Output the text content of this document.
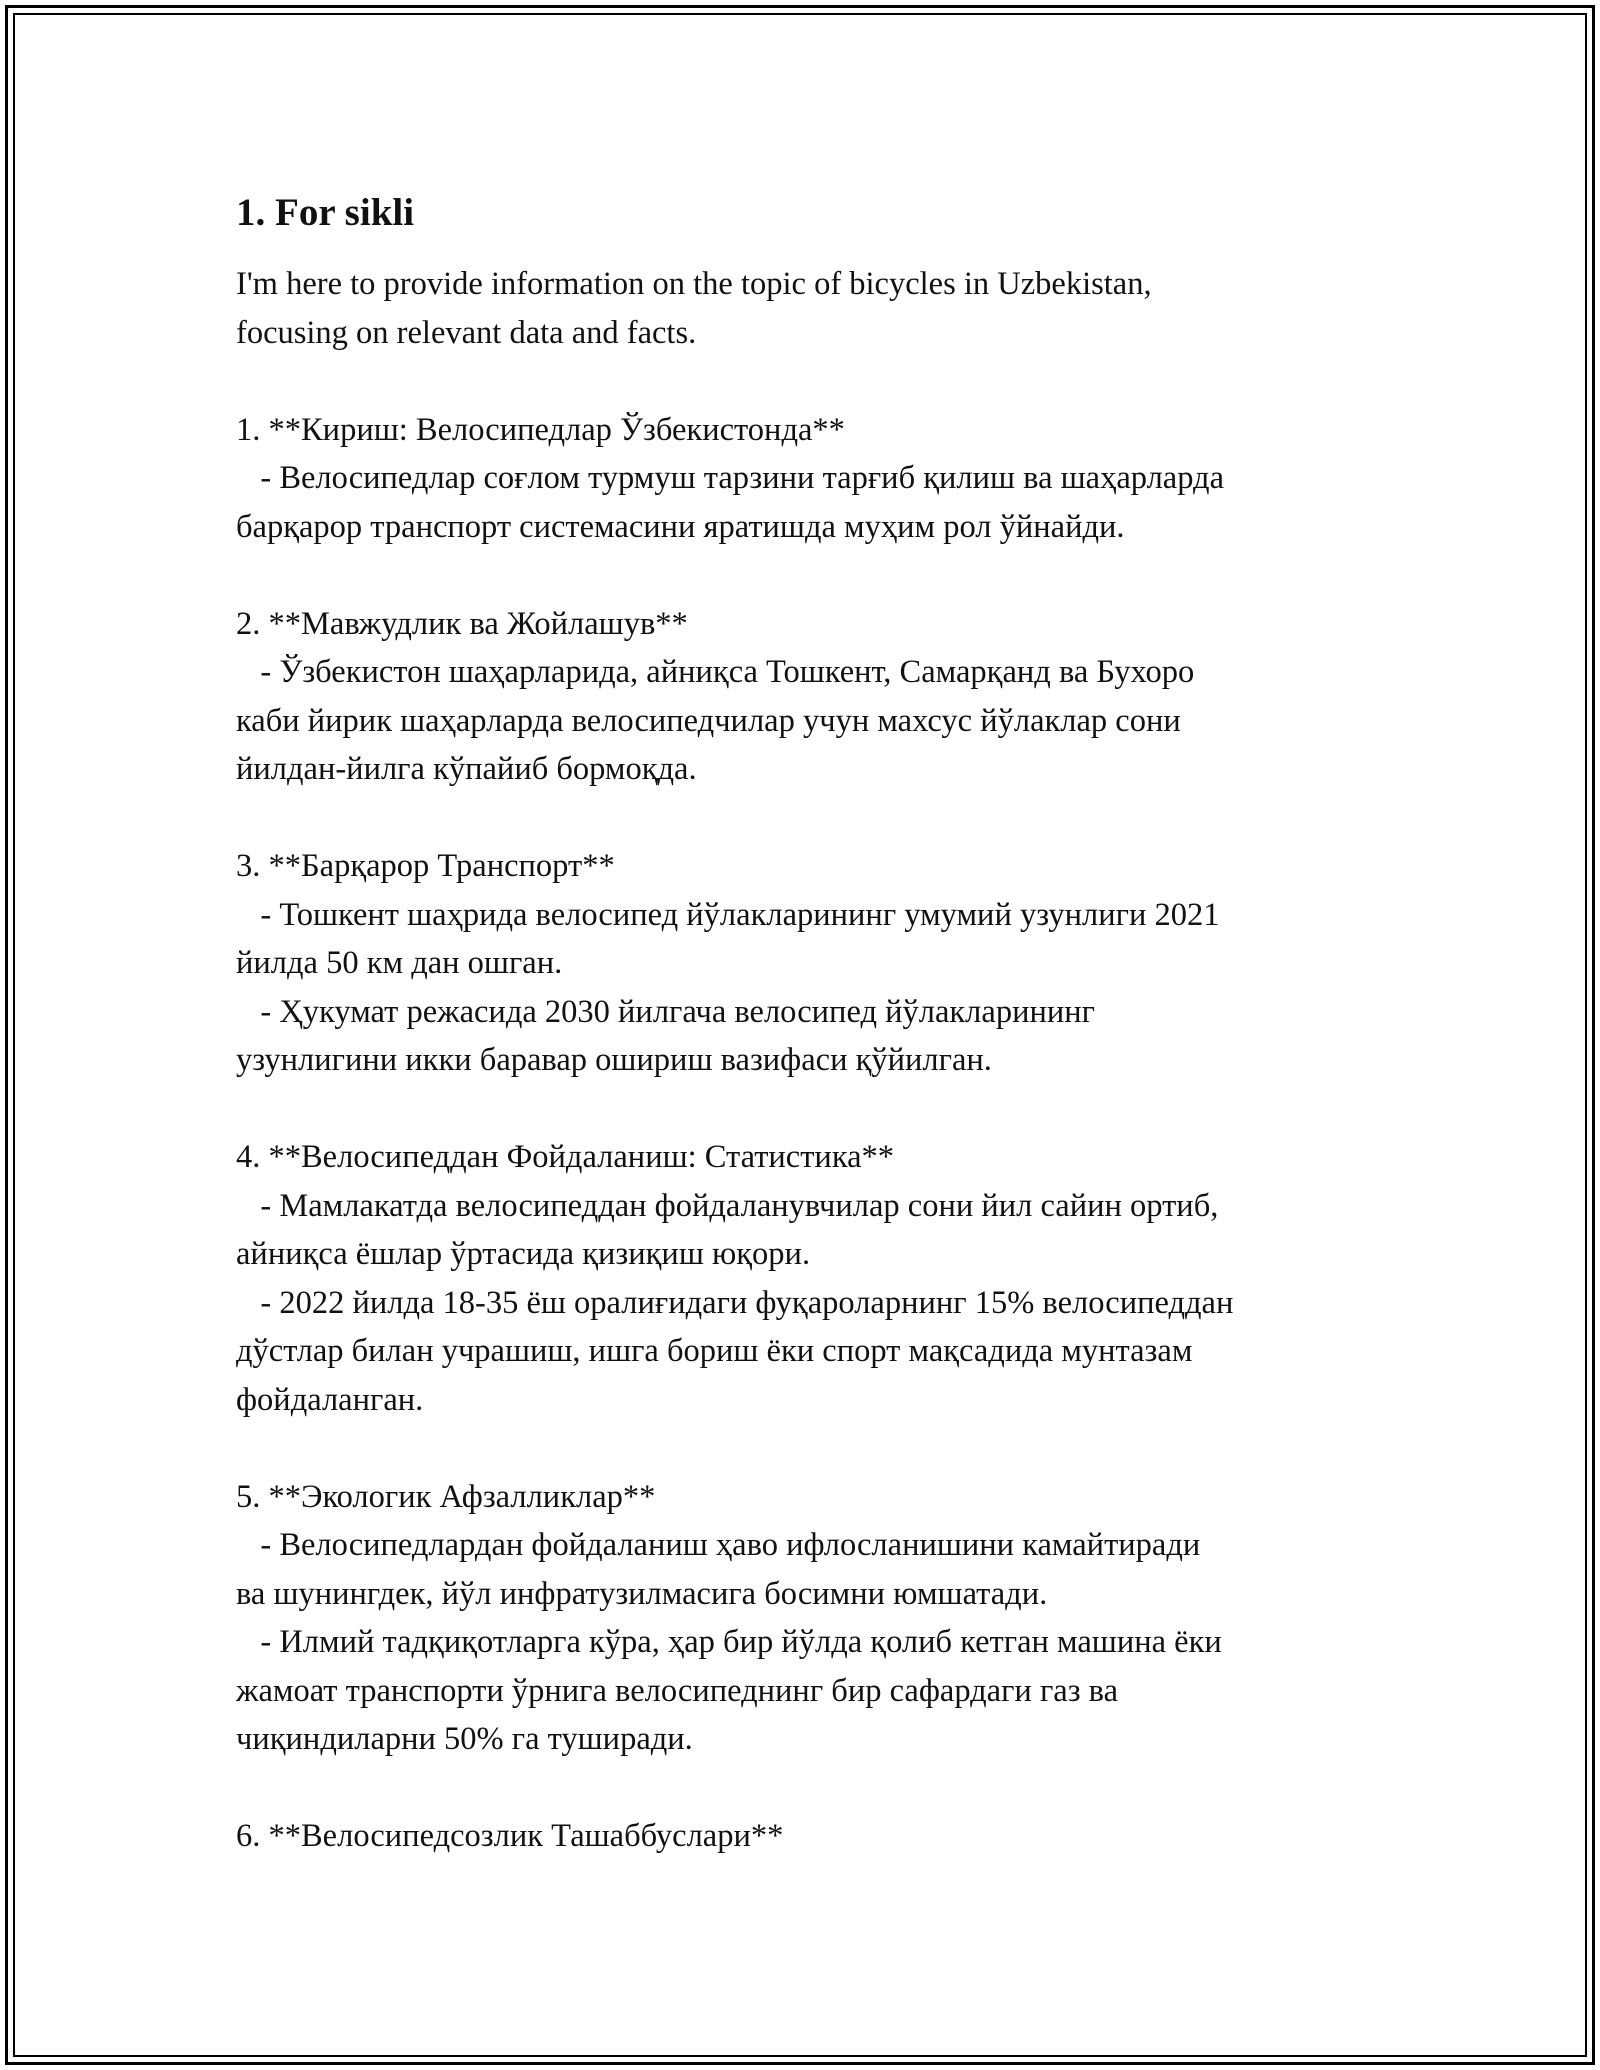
1. For sikli

I'm here to provide information on the topic of bicycles in Uzbekistan,
focusing on relevant data and facts.

1. **Кириш: Велосипедлар Ўзбекистонда**
- Велосипедлар соғлом турмуш тарзини тарғиб қилиш ва шаҳарларда
барқарор транспорт системасини яратишда муҳим рол ўйнайди.

2. **Мавжудлик ва Жойлашув**
- Ўзбекистон шаҳарларида, айниқса Тошкент, Самарқанд ва Бухоро
каби йирик шаҳарларда велосипедчилар учун махсус йўлаклар сони
йилдан-йилга кўпайиб бормоқда.

3. **Барқарор Транспорт**
- Тошкент шаҳрида велосипед йўлакларининг умумий узунлиги 2021
йилда 50 км дан ошган.
- Ҳукумат режасида 2030 йилгача велосипед йўлакларининг
узунлигини икки баравар ошириш вазифаси қўйилган.

4. **Велосипеддан Фойдаланиш: Статистика**
- Мамлакатда велосипеддан фойдаланувчилар сони йил сайин ортиб,
айниқса ёшлар ўртасида қизиқиш юқори.
- 2022 йилда 18-35 ёш оралиғидаги фуқароларнинг 15% велосипеддан
дўстлар билан учрашиш, ишга бориш ёки спорт мақсадида мунтазам
фойдаланган.

5. **Экологик Афзалликлар**
- Велосипедлардан фойдаланиш ҳаво ифлосланишини камайтиради
ва шунингдек, йўл инфратузилмасига босимни юмшатади.
- Илмий тадқиқотларга кўра, ҳар бир йўлда қолиб кетган машина ёки
жамоат транспорти ўрнига велосипеднинг бир сафардаги газ ва
чиқиндиларни 50% га туширади.

6. **Велосипедсозлик Ташаббуслари**
